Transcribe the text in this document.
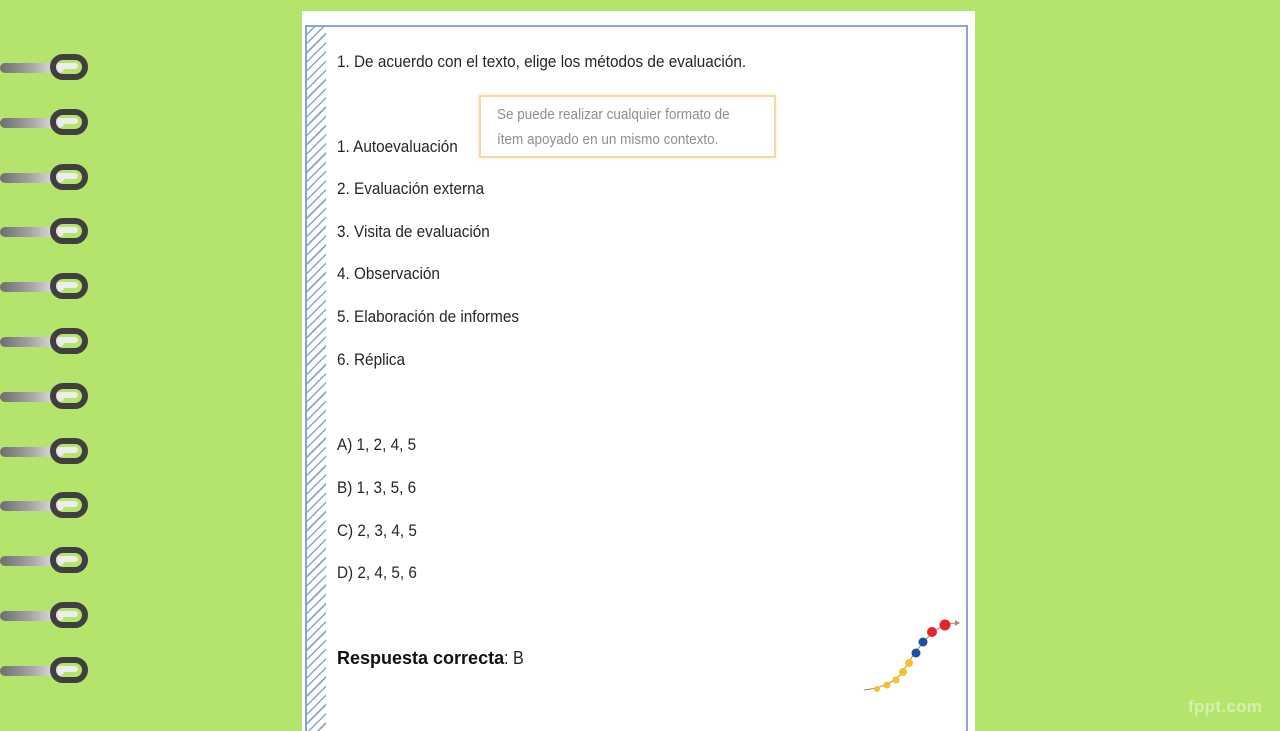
1. De acuerdo con el texto, elige los métodos de evaluación.

Se puede realizar cualquier formato de

ítem apoyado en un mismo contexto.

1. Autoevaluación

2. Evaluación externa

3. Visita de evaluación

4. Observación

5. Elaboración de informes

6. Réplica

A) 1, 2, 4, 5

B) 1, 3, 5, 6

C) 2, 3, 4, 5

D) 2, 4, 5, 6

Respuesta correcta: B
fppt.com
